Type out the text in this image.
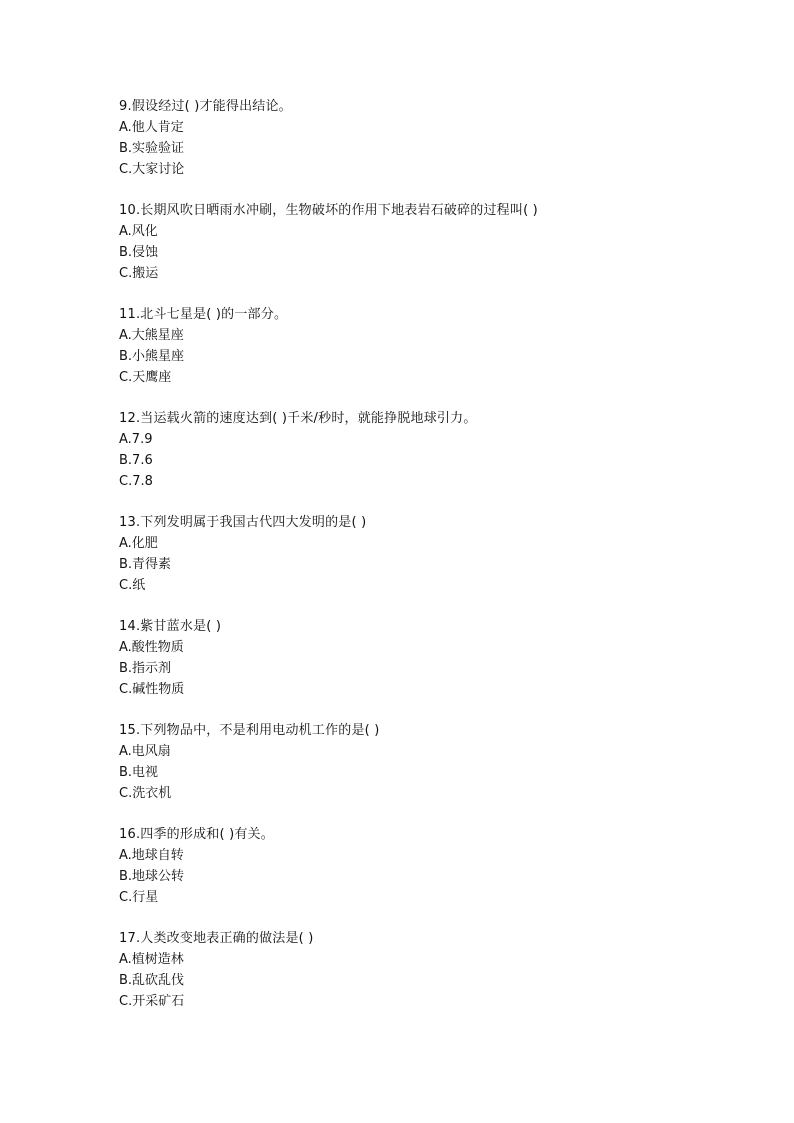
9.假设经过( )才能得出结论。
A.他人肯定
B.实验验证
C.大家讨论
10.长期风吹日晒雨水冲刷，生物破坏的作用下地表岩石破碎的过程叫( )
A.风化
B.侵蚀
C.搬运
11.北斗七星是( )的一部分。
A.大熊星座
B.小熊星座
C.天鹰座
12.当运载火箭的速度达到( )千米/秒时，就能挣脱地球引力。
A.7.9
B.7.6
C.7.8
13.下列发明属于我国古代四大发明的是( )
A.化肥
B.青得素
C.纸
14.紫甘蓝水是( )
A.酸性物质
B.指示剂
C.碱性物质
15.下列物品中，不是利用电动机工作的是( )
A.电风扇
B.电视
C.洗衣机
16.四季的形成和( )有关。
A.地球自转
B.地球公转
C.行星
17.人类改变地表正确的做法是( )
A.植树造林
B.乱砍乱伐
C.开采矿石
